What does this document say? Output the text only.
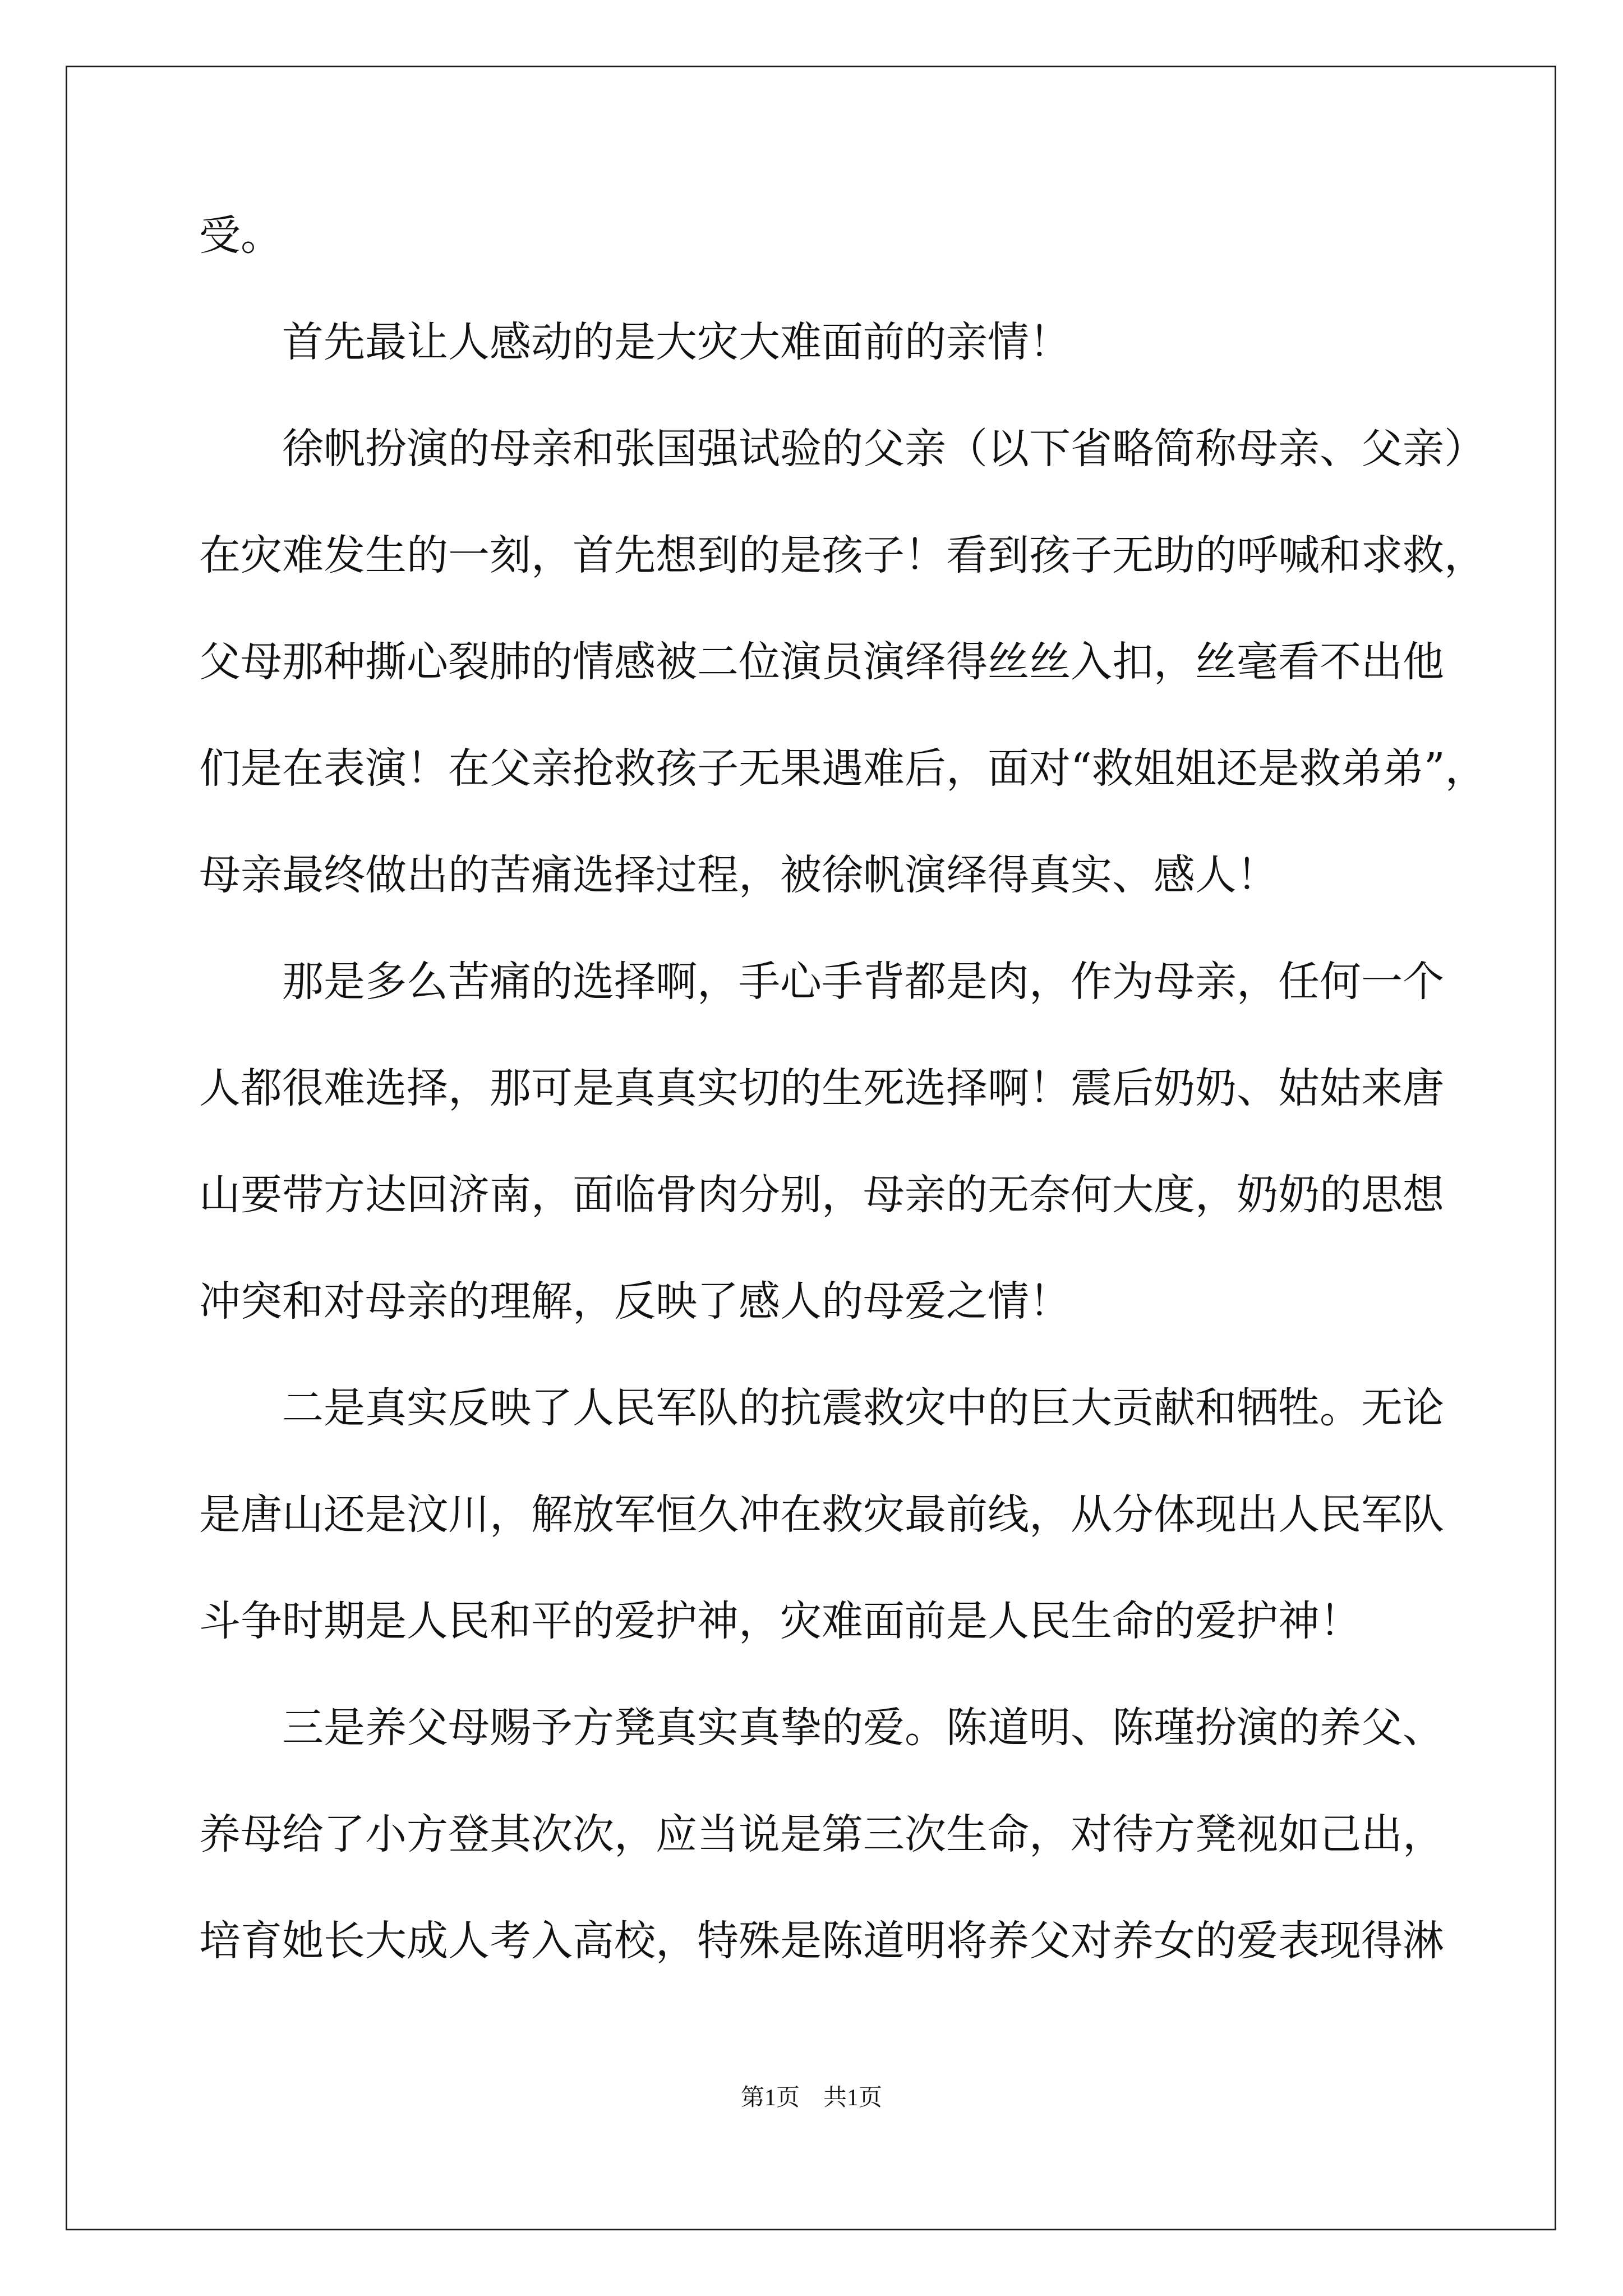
受。
首先最让人感动的是大灾大难面前的亲情！
徐帆扮演的母亲和张国强试验的父亲（以下省略简称母亲、父亲）
在灾难发生的一刻，首先想到的是孩子！看到孩子无助的呼喊和求救，
父母那种撕心裂肺的情感被二位演员演绎得丝丝入扣，丝毫看不出他
们是在表演！在父亲抢救孩子无果遇难后，面对“救姐姐还是救弟弟”，
母亲最终做出的苦痛选择过程，被徐帆演绎得真实、感人！
那是多么苦痛的选择啊，手心手背都是肉，作为母亲，任何一个
人都很难选择，那可是真真实切的生死选择啊！震后奶奶、姑姑来唐
山要带方达回济南，面临骨肉分别，母亲的无奈何大度，奶奶的思想
冲突和对母亲的理解，反映了感人的母爱之情！
二是真实反映了人民军队的抗震救灾中的巨大贡献和牺牲。无论
是唐山还是汶川，解放军恒久冲在救灾最前线，从分体现出人民军队
斗争时期是人民和平的爱护神，灾难面前是人民生命的爱护神！
三是养父母赐予方凳真实真挚的爱。陈道明、陈瑾扮演的养父、
养母给了小方登其次次，应当说是第三次生命，对待方凳视如己出，
培育她长大成人考入高校，特殊是陈道明将养父对养女的爱表现得淋
第1页　共1页
